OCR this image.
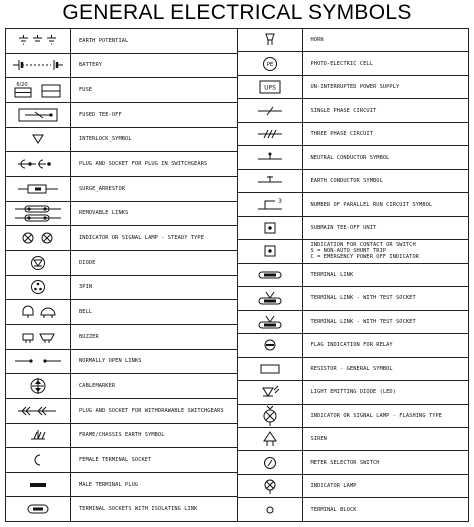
GENERAL ELECTRICAL SYMBOLS
EARTH POTENTIAL
BATTERY
6/20
FUSE
FUSED TEE-OFF
INTERLOCK_SYMBOL
PLUG AND SOCKET FOR PLUG IN SWITCHGEARS
SURGE_ARRESTOR
REMOVABLE LINKS
INDICATOR OR SIGNAL LAMP - STEADY TYPE
DIODE
3PIN
BELL
BUZZER
NORMALLY OPEN LINKS
CABLEMARKER
PLUG AND SOCKET FOR WITHDRAWABLE SWITCHGEARS
FRAME/CHASSIS EARTH SYMBOL
FEMALE TERMINAL SOCKET
MALE TERMINAL PLUG
TERMINAL SOCKETS WITH ISOLATING LINK
HORN
PE	PHOTO-ELECTRIC CELL
UPS	UN-INTERRUPTED POWER SUPPLY
SINGLE PHASE CIRCUIT
THREE PHASE CIRCUIT
NEUTRAL CONDUCTOR SYMBOL
EARTH CONDUCTOR SYMBOL
3	NUMBER OF PARALLEL RUN CIRCUIT SYMBOL
SUBMAIN TEE-OFF UNIT
INDICATION FOR CONTACT OR SWITCH
S = NON-AUTO SHUNT TRIP
C = EMERGENCY POWER OFF INDICATOR
TERMINAL LINK
TERMINAL LINK - WITH TEST SOCKET
TERMINAL LINK - WITH TEST SOCKET
FLAG INDICATION FOR RELAY
RESISTOR - GENERAL SYMBOL
LIGHT EMITTING DIODE (LED)
INDICATOR OR SIGNAL LAMP - FLASHING TYPE
SIREN
METER SELECTOR SWITCH
INDICATOR LAMP
TERMINAL BLOCK
